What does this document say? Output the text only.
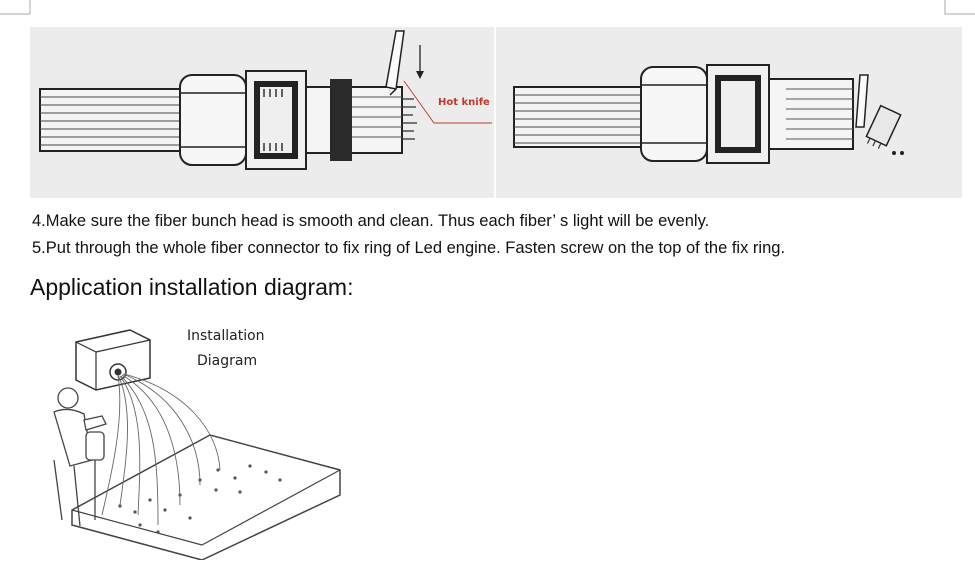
Hot knife
4.Make sure the fiber bunch head is smooth and clean. Thus each fiber’ s light will be evenly.
5.Put through the whole fiber connector to fix ring of Led engine. Fasten screw on the top of the fix ring.
Application installation diagram:
Installation
Diagram
